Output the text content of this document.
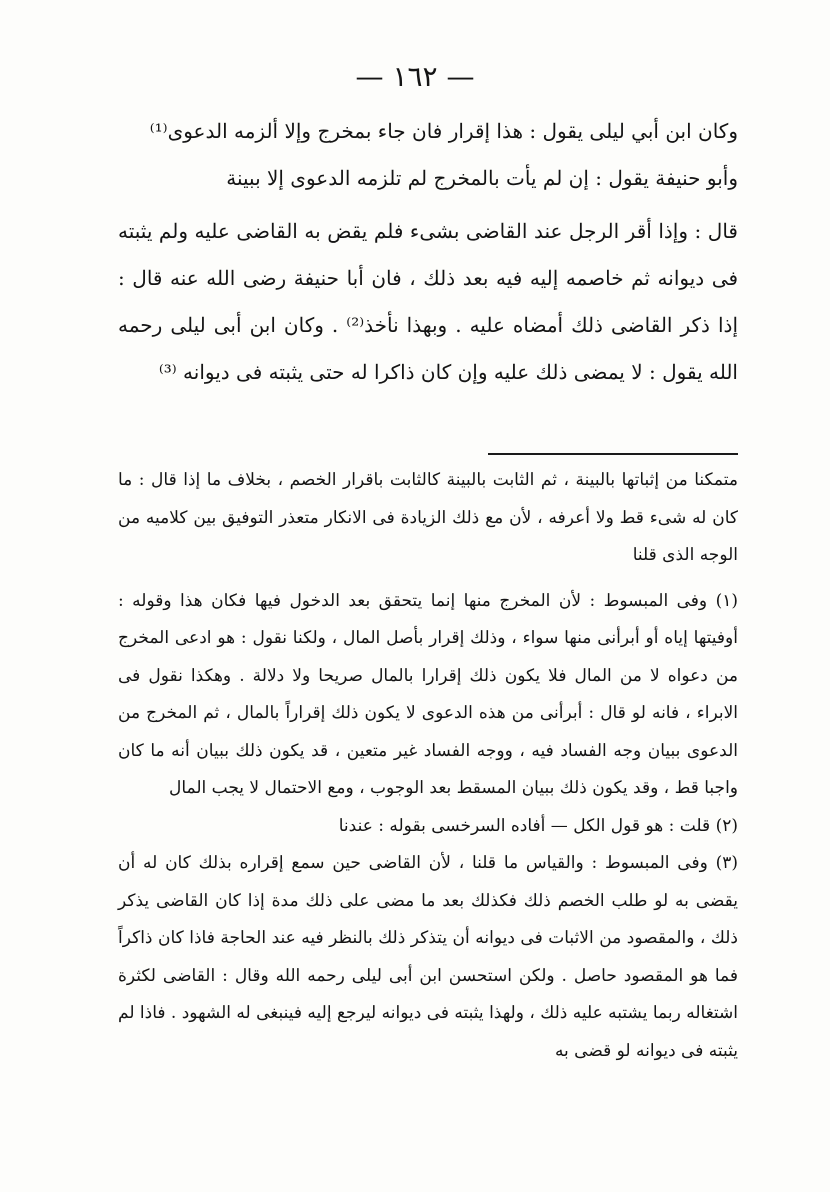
— ١٦٢ —

وكان ابن أبي ليلى يقول : هذا إقرار فان جاء بمخرج وإلا ألزمه الدعوى⁽¹⁾

وأبو حنيفة يقول : إن لم يأت بالمخرج لم تلزمه الدعوى إلا ببينة

قال : وإذا أقر الرجل عند القاضى بشىء فلم يقض به القاضى عليه ولم يثبته فى ديوانه ثم خاصمه إليه فيه بعد ذلك ، فان أبا حنيفة رضى الله عنه قال : إذا ذكر القاضى ذلك أمضاه عليه . وبهذا نأخذ⁽²⁾ . وكان ابن أبى ليلى رحمه الله يقول : لا يمضى ذلك عليه وإن كان ذاكرا له حتى يثبته فى ديوانه ⁽³⁾

متمكنا من إثباتها بالبينة ، ثم الثابت بالبينة كالثابت باقرار الخصم ، بخلاف ما إذا قال : ما كان له شىء قط ولا أعرفه ، لأن مع ذلك الزيادة فى الانكار متعذر التوفيق بين كلاميه من الوجه الذى قلنا

(١) وفى المبسوط : لأن المخرج منها إنما يتحقق بعد الدخول فيها فكان هذا وقوله : أوفيتها إياه أو أبرأنى منها سواء ، وذلك إقرار بأصل المال ، ولكنا نقول : هو ادعى المخرج من دعواه لا من المال فلا يكون ذلك إقرارا بالمال صريحا ولا دلالة . وهكذا نقول فى الابراء ، فانه لو قال : أبرأنى من هذه الدعوى لا يكون ذلك إقراراً بالمال ، ثم المخرج من الدعوى ببيان وجه الفساد فيه ، ووجه الفساد غير متعين ، قد يكون ذلك ببيان أنه ما كان واجبا قط ، وقد يكون ذلك ببيان المسقط بعد الوجوب ، ومع الاحتمال لا يجب المال

(٢) قلت : هو قول الكل — أفاده السرخسى بقوله : عندنا

(٣) وفى المبسوط : والقياس ما قلنا ، لأن القاضى حين سمع إقراره بذلك كان له أن يقضى به لو طلب الخصم ذلك فكذلك بعد ما مضى على ذلك مدة إذا كان القاضى يذكر ذلك ، والمقصود من الاثبات فى ديوانه أن يتذكر ذلك بالنظر فيه عند الحاجة فاذا كان ذاكراً فما هو المقصود حاصل . ولكن استحسن ابن أبى ليلى رحمه الله وقال : القاضى لكثرة اشتغاله ربما يشتبه عليه ذلك ، ولهذا يثبته فى ديوانه ليرجع إليه فينبغى له الشهود . فاذا لم يثبته فى ديوانه لو قضى به
